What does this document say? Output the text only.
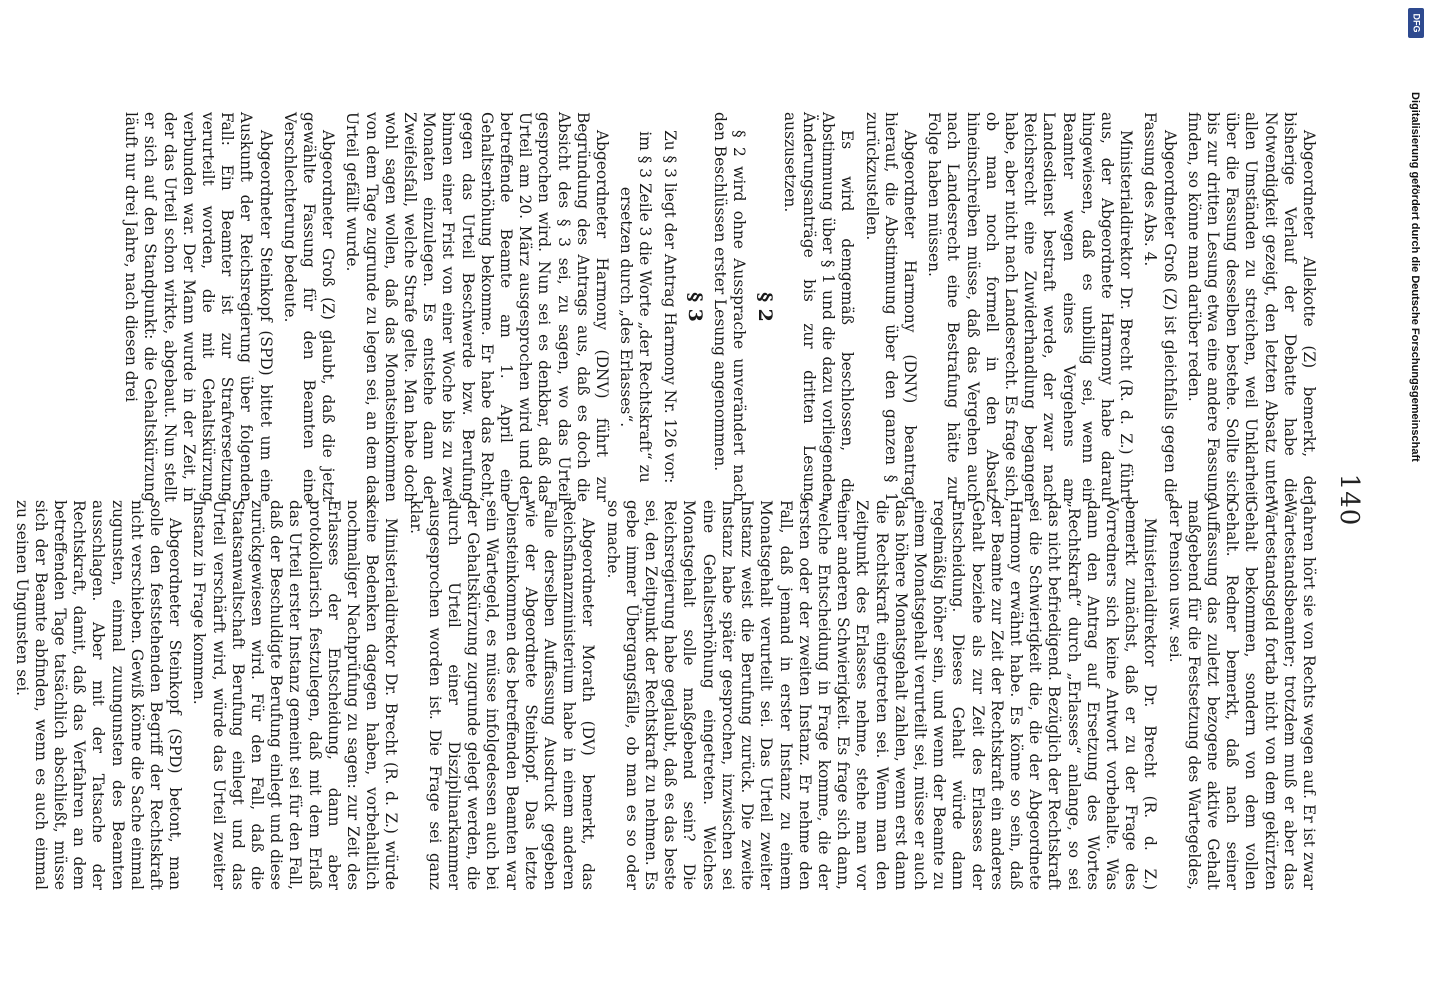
140

Abgeordneter Allekotte (Z) bemerkt, der bisherige Verlauf der Debatte habe die Notwendigkeit gezeigt, den letzten Absatz unter allen Umständen zu streichen, weil Unklarheit über die Fassung desselben bestehe. Sollte sich bis zur dritten Lesung etwa eine andere Fassung finden, so könne man darüber reden.

Abgeordneter Groß (Z) ist gleichfalls gegen die Fassung des Abs. 4.

Ministerialdirektor Dr. Brecht (R. d. Z.) führt aus, der Abgeordnete Harmony habe darauf hingewiesen, daß es unbillig sei, wenn ein Beamter wegen eines Vergehens am Landesdienst bestraft werde, der zwar nach Reichsrecht eine Zuwiderhandlung begangen habe, aber nicht nach Landesrecht. Es frage sich, ob man noch formell in den Absatz hineinschreiben müsse, daß das Vergehen auch nach Landesrecht eine Bestrafung hätte zur Folge haben müssen.

Abgeordneter Harmony (DNV) beantragt hierauf, die Abstimmung über den ganzen § 1 zurückzustellen.

Es wird demgemäß beschlossen, die Abstimmung über § 1 und die dazu vorliegenden Änderungsanträge bis zur dritten Lesung auszusetzen.

§ 2

§ 2 wird ohne Aussprache unverändert nach den Beschlüssen erster Lesung angenommen.

§ 3

Zu § 3 liegt der Antrag Harmony Nr. 126 vor:

im § 3 Zeile 3 die Worte „der Rechtskraft“ zu ersetzen durch „des Erlasses“.

Abgeordneter Harmony (DNV) führt zur Begründung des Antrags aus, daß es doch die Absicht des § 3 sei, zu sagen, wo das Urteil gesprochen wird. Nun sei es denkbar, daß das Urteil am 20. März ausgesprochen wird und der betreffende Beamte am 1. April eine Gehaltserhöhung bekomme. Er habe das Recht, gegen das Urteil Beschwerde bzw. Berufung binnen einer Frist von einer Woche bis zu zwei Monaten einzulegen. Es entstehe dann der Zweifelsfall, welche Strafe gelte. Man habe doch wohl sagen wollen, daß das Monatseinkommen von dem Tage zugrunde zu legen sei, an dem das Urteil gefällt wurde.

Abgeordneter Groß (Z) glaubt, daß die jetzt gewählte Fassung für den Beamten eine Verschlechterung bedeute.

Abgeordneter Steinkopf (SPD) bittet um eine Auskunft der Reichsregierung über folgenden Fall: Ein Beamter ist zur Strafversetzung verurteilt worden, die mit Gehaltskürzung verbunden war. Der Mann wurde in der Zeit, in der das Urteil schon wirkte, abgebaut. Nun stellt er sich auf den Standpunkt: die Gehaltskürzung läuft nur drei Jahre, nach diesen drei

Jahren hört sie von Rechts wegen auf. Er ist zwar Wartestandsbeamter; trotzdem muß er aber das Wartestandsgeld fortab nicht von dem gekürzten Gehalt bekommen, sondern von dem vollen Gehalt. Redner bemerkt, daß nach seiner Auffassung das zuletzt bezogene aktive Gehalt maßgebend für die Festsetzung des Wartegeldes, der Pension usw. sei.

Ministerialdirektor Dr. Brecht (R. d. Z.) bemerkt zunächst, daß er zu der Frage des Vorredners sich keine Antwort vorbehalte. Was dann den Antrag auf Ersetzung des Wortes „Rechtskraft“ durch „Erlasses“ anlange, so sei das nicht befriedigend. Bezüglich der Rechtskraft sei die Schwierigkeit die, die der Abgeordnete Harmony erwähnt habe. Es könne so sein, daß der Beamte zur Zeit der Rechtskraft ein anderes Gehalt beziehe als zur Zeit des Erlasses der Entscheidung. Dieses Gehalt würde dann regelmäßig höher sein, und wenn der Beamte zu einem Monatsgehalt verurteilt sei, müsse er auch das höhere Monatsgehalt zahlen, wenn erst dann die Rechtskraft eingetreten sei. Wenn man den Zeitpunkt des Erlasses nehme, stehe man vor einer anderen Schwierigkeit. Es frage sich dann, welche Entscheidung in Frage komme, die der ersten oder der zweiten Instanz. Er nehme den Fall, daß jemand in erster Instanz zu einem Monatsgehalt verurteilt sei. Das Urteil zweiter Instanz weist die Berufung zurück. Die zweite Instanz habe später gesprochen, inzwischen sei eine Gehaltserhöhung eingetreten. Welches Monatsgehalt solle maßgebend sein? Die Reichsregierung habe geglaubt, daß es das beste sei, den Zeitpunkt der Rechtskraft zu nehmen. Es gebe immer Übergangsfälle, ob man es so oder so mache.

Abgeordneter Morath (DV) bemerkt, das Reichsfinanzministerium habe in einem anderen Falle derselben Auffassung Ausdruck gegeben wie der Abgeordnete Steinkopf. Das letzte Diensteinkommen des betreffenden Beamten war sein Wartegeld, es müsse infolgedessen auch bei der Gehaltskürzung zugrunde gelegt werden, die durch Urteil einer Disziplinarkammer ausgesprochen worden ist. Die Frage sei ganz klar.

Ministerialdirektor Dr. Brecht (R. d. Z.) würde keine Bedenken dagegen haben, vorbehaltlich nochmaliger Nachprüfung zu sagen: zur Zeit des Erlasses der Entscheidung, dann aber protokollarisch festzulegen, daß mit dem Erlaß das Urteil erster Instanz gemeint sei für den Fall, daß der Beschuldigte Berufung einlegt und diese zurückgewiesen wird. Für den Fall, daß die Staatsanwaltschaft Berufung einlegt und das Urteil verschärft wird, würde das Urteil zweiter Instanz in Frage kommen.

Abgeordneter Steinkopf (SPD) betont, man solle den feststehenden Begriff der Rechtskraft nicht verschieben. Gewiß könne die Sache einmal zugunsten, einmal zuungunsten des Beamten ausschlagen. Aber mit der Tatsache der Rechtskraft, damit, daß das Verfahren an dem betreffenden Tage tatsächlich abschließt, müsse sich der Beamte abfinden, wenn es auch einmal zu seinen Ungunsten sei.

DFG
Digitalisierung gefördert durch die Deutsche Forschungsgemeinschaft
